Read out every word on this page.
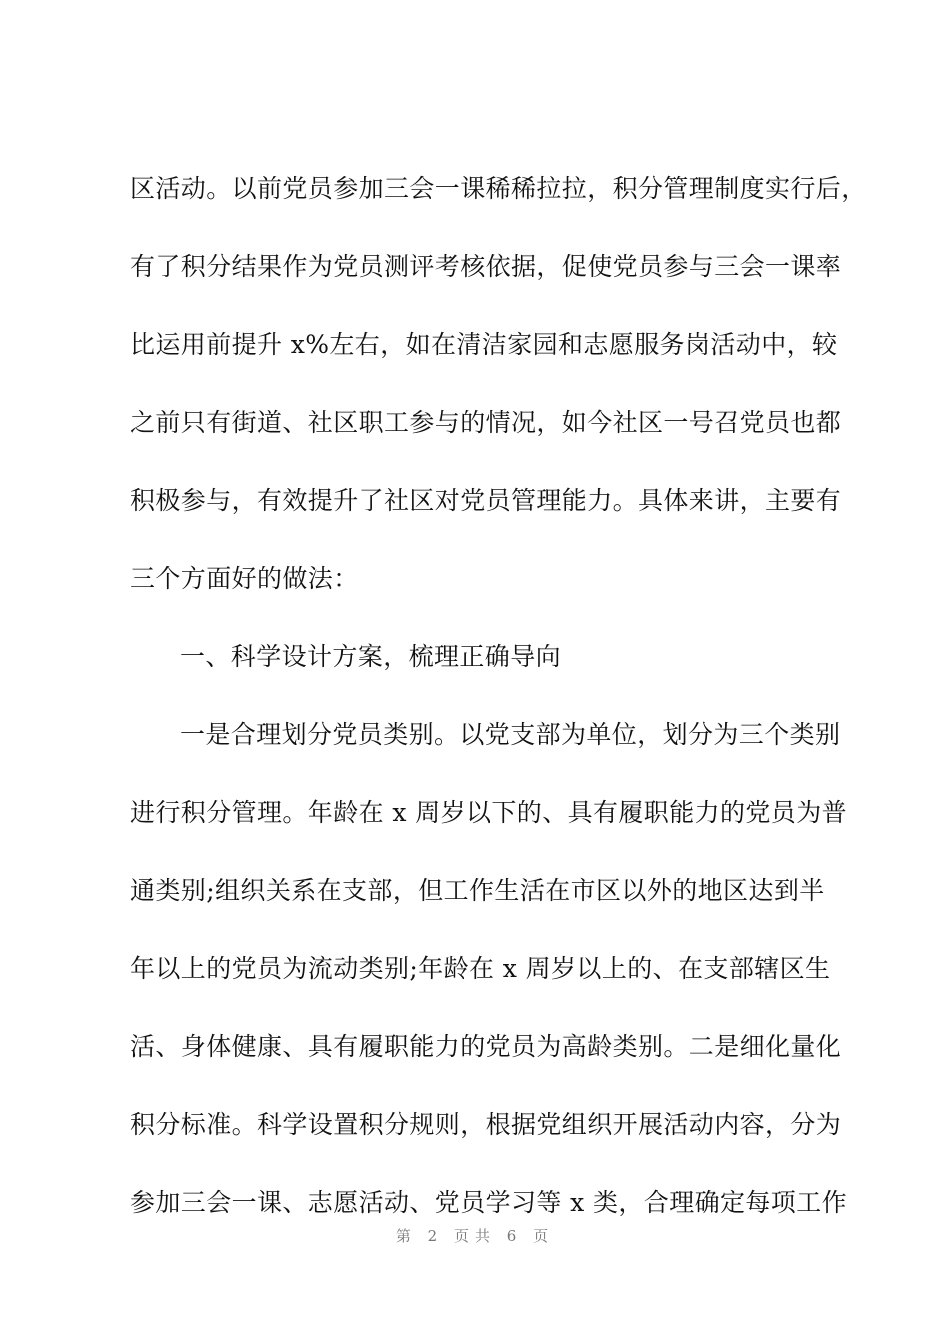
区活动。以前党员参加三会一课稀稀拉拉，积分管理制度实行后，
有了积分结果作为党员测评考核依据，促使党员参与三会一课率
比运用前提升 x%左右，如在清洁家园和志愿服务岗活动中，较
之前只有街道、社区职工参与的情况，如今社区一号召党员也都
积极参与，有效提升了社区对党员管理能力。具体来讲，主要有
三个方面好的做法：
一、科学设计方案，梳理正确导向
一是合理划分党员类别。以党支部为单位，划分为三个类别
进行积分管理。年龄在 x 周岁以下的、具有履职能力的党员为普
通类别;组织关系在支部，但工作生活在市区以外的地区达到半
年以上的党员为流动类别;年龄在 x 周岁以上的、在支部辖区生
活、身体健康、具有履职能力的党员为高龄类别。二是细化量化
积分标准。科学设置积分规则，根据党组织开展活动内容，分为
参加三会一课、志愿活动、党员学习等 x 类，合理确定每项工作
第 2 页共 6 页
